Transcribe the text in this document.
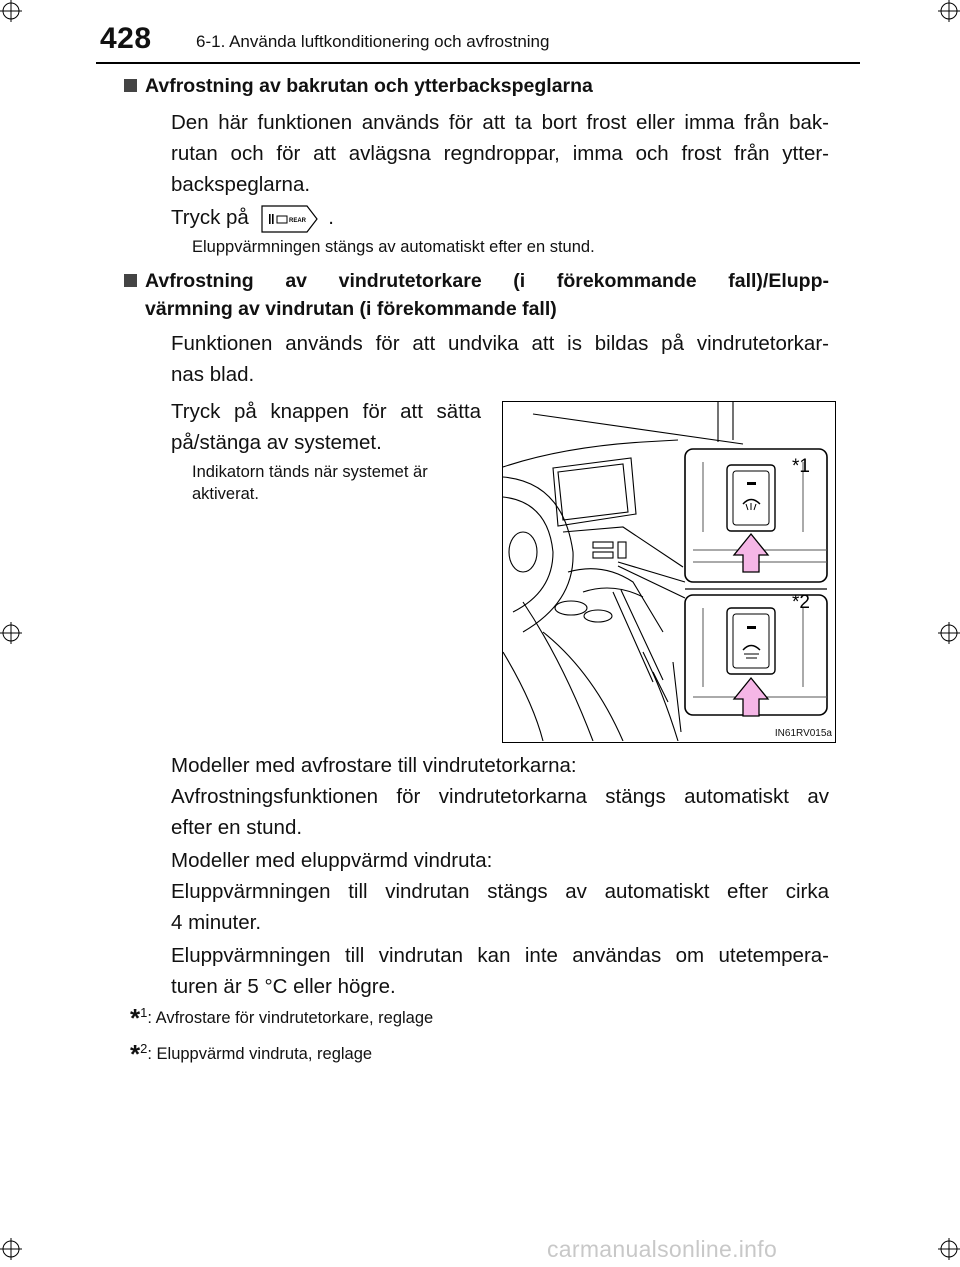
428	6-1. Använda luftkonditionering och avfrostning
Avfrostning av bakrutan och ytterbackspeglarna
Den här funktionen används för att ta bort frost eller imma från bak-
rutan och för att avlägsna regndroppar, imma och frost från ytter-
backspeglarna.
Tryck på	REAR .
Eluppvärmningen stängs av automatiskt efter en stund.
Avfrostning av vindrutetorkare (i förekommande fall)/Elupp-
värmning av vindrutan (i förekommande fall)
Funktionen används för att undvika att is bildas på vindrutetorkar-
nas blad.
Tryck på knappen för att sätta
på/stänga av systemet.
Indikatorn tänds när systemet är
aktiverat.
*1
*2
IN61RV015a
Modeller med avfrostare till vindrutetorkarna:
Avfrostningsfunktionen för vindrutetorkarna stängs automatiskt av
efter en stund.
Modeller med eluppvärmd vindruta:
Eluppvärmningen till vindrutan stängs av automatiskt efter cirka
4 minuter.
Eluppvärmningen till vindrutan kan inte användas om utetempera-
turen är 5 °C eller högre.
*$^1$: Avfrostare för vindrutetorkare, reglage
*$^2$: Eluppvärmd vindruta, reglage
carmanualsonline.info
